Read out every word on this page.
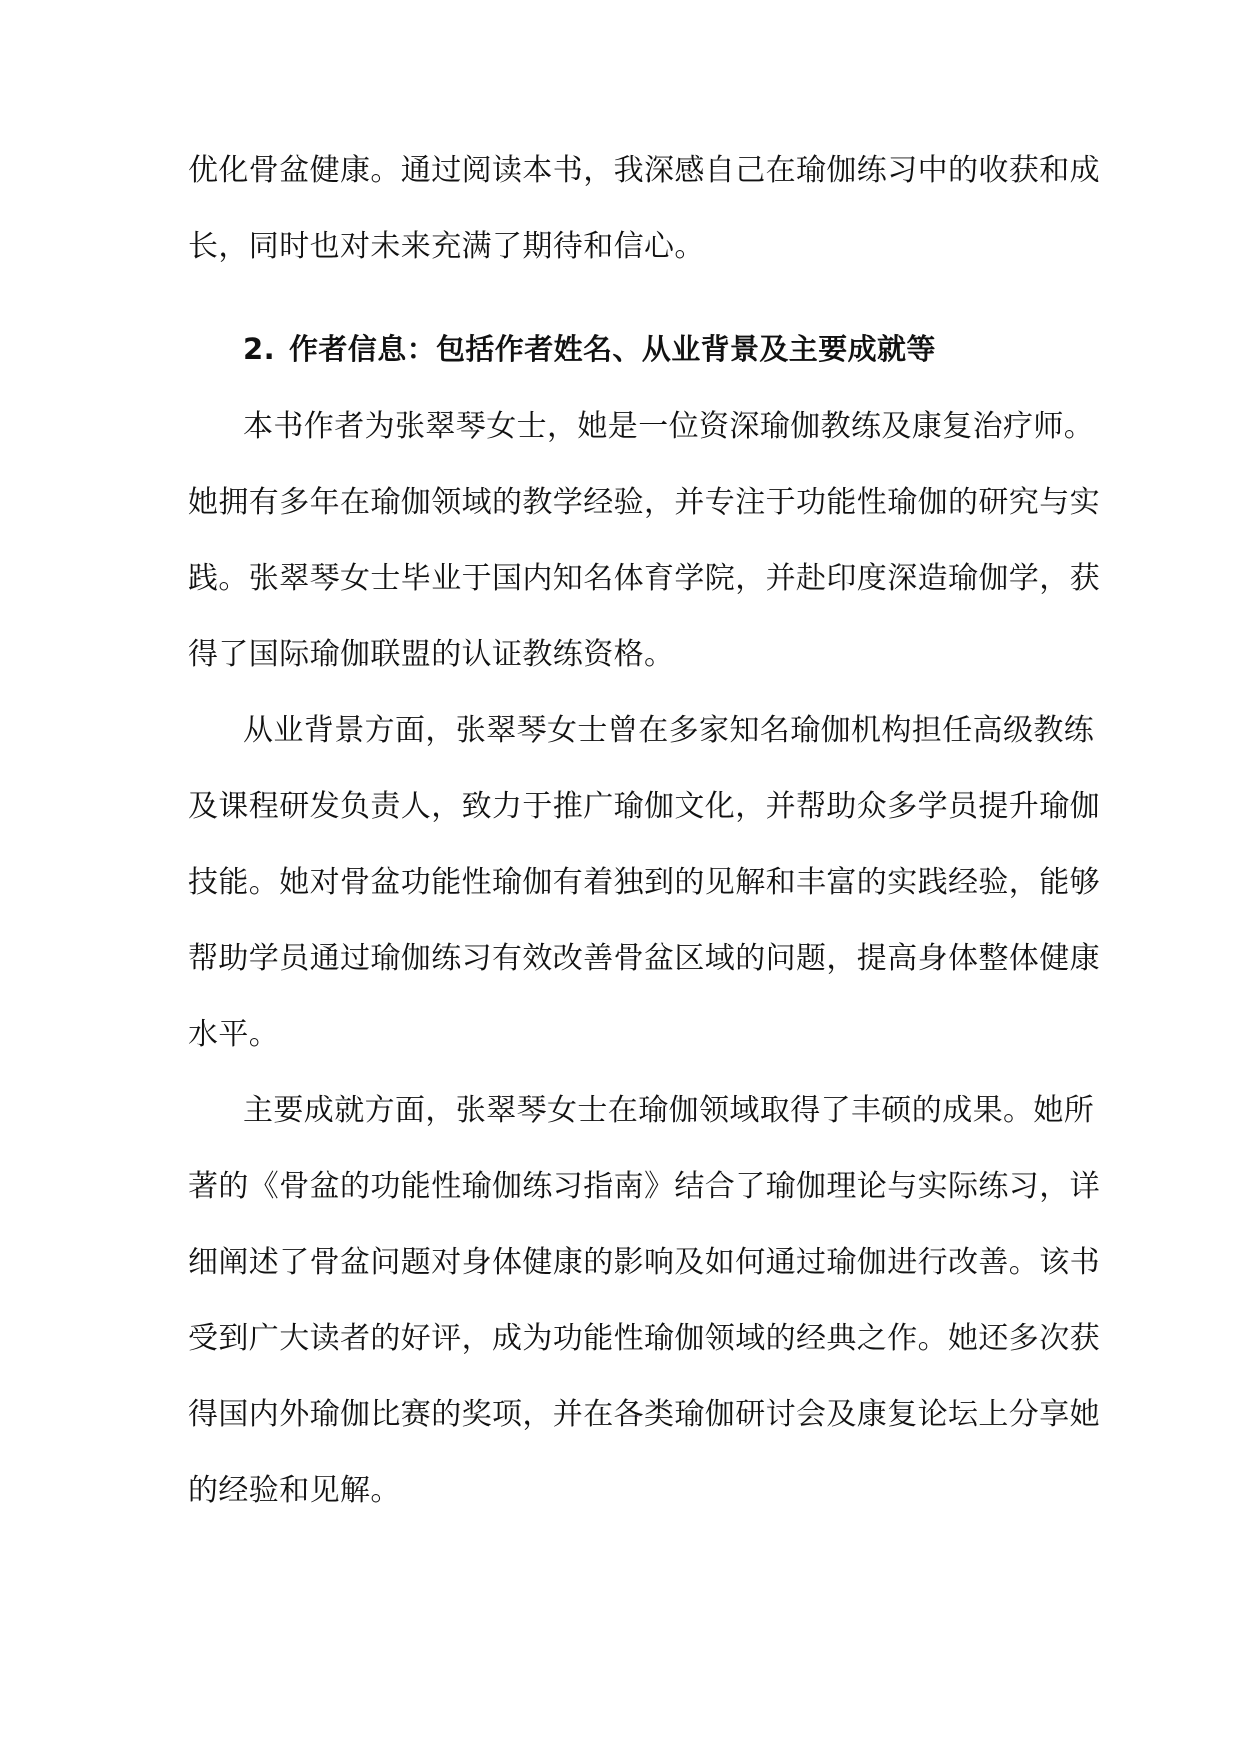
优化骨盆健康。通过阅读本书，我深感自己在瑜伽练习中的收获和成
长，同时也对未来充满了期待和信心。
2. 作者信息：包括作者姓名、从业背景及主要成就等
本书作者为张翠琴女士，她是一位资深瑜伽教练及康复治疗师。
她拥有多年在瑜伽领域的教学经验，并专注于功能性瑜伽的研究与实
践。张翠琴女士毕业于国内知名体育学院，并赴印度深造瑜伽学，获
得了国际瑜伽联盟的认证教练资格。
从业背景方面，张翠琴女士曾在多家知名瑜伽机构担任高级教练
及课程研发负责人，致力于推广瑜伽文化，并帮助众多学员提升瑜伽
技能。她对骨盆功能性瑜伽有着独到的见解和丰富的实践经验，能够
帮助学员通过瑜伽练习有效改善骨盆区域的问题，提高身体整体健康
水平。
主要成就方面，张翠琴女士在瑜伽领域取得了丰硕的成果。她所
著的《骨盆的功能性瑜伽练习指南》结合了瑜伽理论与实际练习，详
细阐述了骨盆问题对身体健康的影响及如何通过瑜伽进行改善。该书
受到广大读者的好评，成为功能性瑜伽领域的经典之作。她还多次获
得国内外瑜伽比赛的奖项，并在各类瑜伽研讨会及康复论坛上分享她
的经验和见解。
